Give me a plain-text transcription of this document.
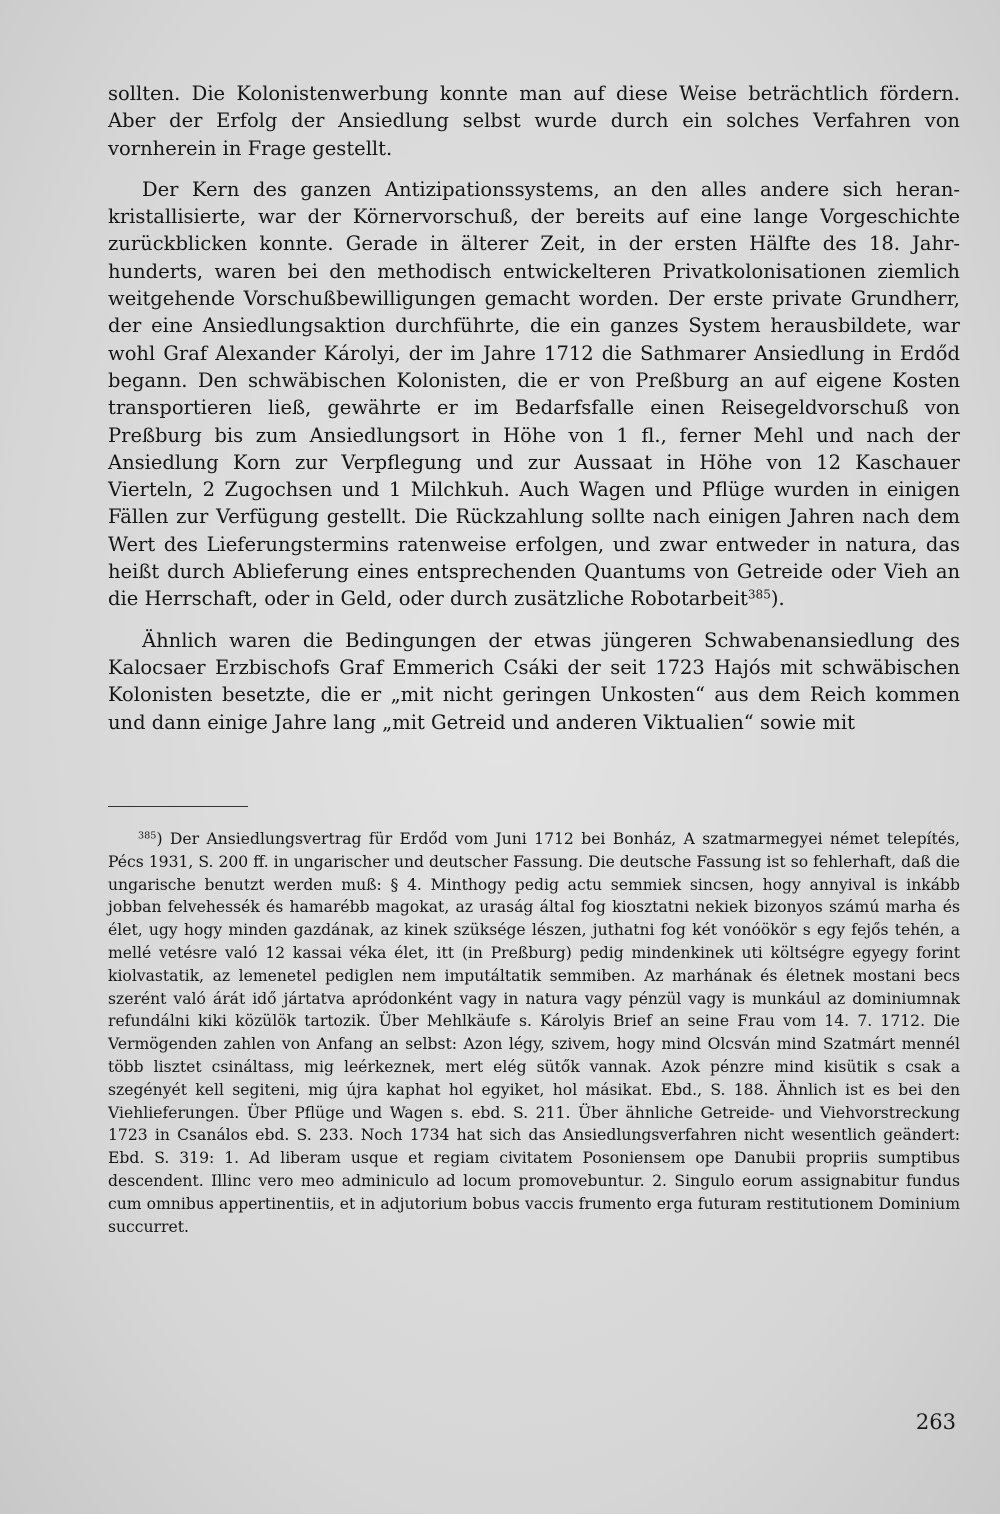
sollten. Die Kolonistenwerbung konnte man auf diese Weise beträchtlich fördern. Aber der Erfolg der Ansiedlung selbst wurde durch ein solches Verfahren von vornherein in Frage gestellt.

Der Kern des ganzen Antizipationssystems, an den alles andere sich herankristallisierte, war der Körnervorschuß, der bereits auf eine lange Vorgeschichte zurückblicken konnte. Gerade in älterer Zeit, in der ersten Hälfte des 18. Jahrhunderts, waren bei den methodisch entwickelteren Privatkolonisationen ziemlich weitgehende Vorschußbewilligungen gemacht worden. Der erste private Grundherr, der eine Ansiedlungsaktion durchführte, die ein ganzes System herausbildete, war wohl Graf Alexander Károlyi, der im Jahre 1712 die Sathmarer Ansiedlung in Erdőd begann. Den schwäbischen Kolonisten, die er von Preßburg an auf eigene Kosten transportieren ließ, gewährte er im Bedarfsfalle einen Reisegeldvorschuß von Preßburg bis zum Ansiedlungsort in Höhe von 1 fl., ferner Mehl und nach der Ansiedlung Korn zur Verpflegung und zur Aussaat in Höhe von 12 Kaschauer Vierteln, 2 Zugochsen und 1 Milchkuh. Auch Wagen und Pflüge wurden in einigen Fällen zur Verfügung gestellt. Die Rückzahlung sollte nach einigen Jahren nach dem Wert des Lieferungstermins ratenweise erfolgen, und zwar entweder in natura, das heißt durch Ablieferung eines entsprechenden Quantums von Getreide oder Vieh an die Herrschaft, oder in Geld, oder durch zusätzliche Robotarbeit$^{385}$).

Ähnlich waren die Bedingungen der etwas jüngeren Schwabenansiedlung des Kalocsaer Erzbischofs Graf Emmerich Csáki der seit 1723 Hajós mit schwäbischen Kolonisten besetzte, die er „mit nicht geringen Unkosten“ aus dem Reich kommen und dann einige Jahre lang „mit Getreid und anderen Viktualien“ sowie mit

$^{385}$) Der Ansiedlungsvertrag für Erdőd vom Juni 1712 bei Bonház, A szatmarmegyei német telepítés, Pécs 1931, S. 200 ff. in ungarischer und deutscher Fassung. Die deutsche Fassung ist so fehlerhaft, daß die ungarische benutzt werden muß: § 4. Minthogy pedig actu semmiek sincsen, hogy annyival is inkább jobban felvehessék és hamarébb magokat, az uraság által fog kiosztatni nekiek bizonyos számú marha és élet, ugy hogy minden gazdának, az kinek szüksége lészen, juthatni fog két vonóökör s egy fejős tehén, a mellé vetésre való 12 kassai véka élet, itt (in Preßburg) pedig mindenkinek uti költségre egyegy forint kiolvastatik, az lemenetel pediglen nem imputáltatik semmiben. Az marhának és életnek mostani becs szerént való árát idő jártatva apródonként vagy in natura vagy pénzül vagy is munkául az dominiumnak refundálni kiki közülök tartozik. Über Mehlkäufe s. Károlyis Brief an seine Frau vom 14. 7. 1712. Die Vermögenden zahlen von Anfang an selbst: Azon légy, szivem, hogy mind Olcsván mind Szatmárt mennél több lisztet csináltass, mig leérkeznek, mert elég sütők vannak. Azok pénzre mind kisütik s csak a szegényét kell segiteni, mig újra kaphat hol egyiket, hol másikat. Ebd., S. 188. Ähnlich ist es bei den Viehlieferungen. Über Pflüge und Wagen s. ebd. S. 211. Über ähnliche Getreide- und Viehvorstreckung 1723 in Csanálos ebd. S. 233. Noch 1734 hat sich das Ansiedlungsverfahren nicht wesentlich geändert: Ebd. S. 319: 1. Ad liberam usque et regiam civitatem Posoniensem ope Danubii propriis sumptibus descendent. Illinc vero meo adminiculo ad locum promovebuntur. 2. Singulo eorum assignabitur fundus cum omnibus appertinentiis, et in adjutorium bobus vaccis frumento erga futuram restitutionem Dominium succurret.

263
